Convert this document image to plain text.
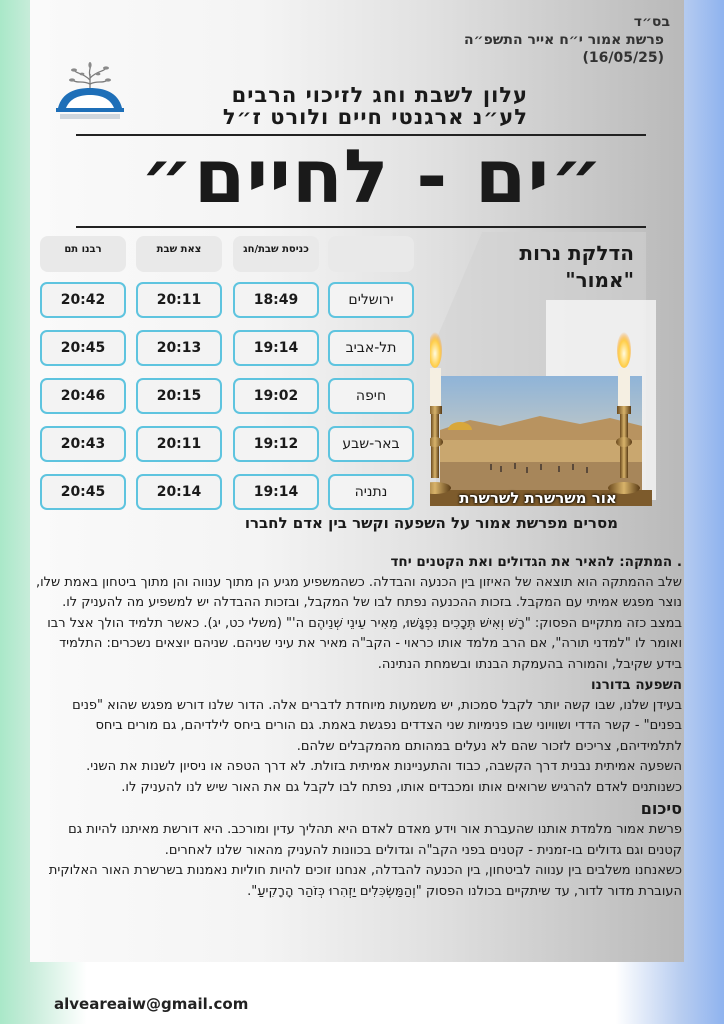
בס״ד
פרשת אמור י״ח אייר התשפ״ה
(16/05/25)
עלון לשבת וחג לזיכוי הרבים
לע״נ ארגנטי חיים ולורט ז״ל
״ים - לחיים״
כניסת שבת/חג
צאת שבת
רבנו תם
ירושלים
18:49
20:11
20:42
תל-אביב
19:14
20:13
20:45
חיפה
19:02
20:15
20:46
באר-שבע
19:12
20:11
20:43
נתניה
19:14
20:14
20:45
הדלקת נרות
"אמור"
אור משרשרת לשרשרת
מסרים מפרשת אמור על השפעה וקשר בין אדם לחברו

. המתקה: להאיר את הגדולים ואת הקטנים יחד

שלב ההמתקה הוא תוצאה של האיזון בין הכנעה והבדלה. כשהמשפיע מגיע הן מתוך ענווה והן מתוך ביטחון באמת שלו, נוצר מפגש אמיתי עם המקבל. בזכות ההכנעה נפתח לבו של המקבל, ובזכות ההבדלה יש למשפיע מה להעניק לו.

במצב כזה מתקיים הפסוק: "רָשׁ וְאִישׁ תְּכָכִים נִפְגָּשׁוּ, מֵאִיר עֵינֵי שְׁנֵיהֶם ה'" (משלי כט, יג). כאשר תלמיד הולך אצל רבו ואומר לו "למדני תורה", אם הרב מלמד אותו כראוי - הקב"ה מאיר את עיני שניהם. שניהם יוצאים נשכרים: התלמיד בידע שקיבל, והמורה בהעמקת הבנתו ובשמחת הנתינה.

השפעה בדורנו

בעידן שלנו, שבו קשה יותר לקבל סמכות, יש משמעות מיוחדת לדברים אלה. הדור שלנו דורש מפגש שהוא "פנים בפנים" - קשר הדדי ושוויוני שבו פנימיות שני הצדדים נפגשת באמת. גם הורים ביחס לילדיהם, גם מורים ביחס לתלמידיהם, צריכים לזכור שהם לא נעלים במהותם מהמקבלים שלהם.

השפעה אמיתית נבנית דרך הקשבה, כבוד והתעניינות אמיתית בזולת. לא דרך הטפה או ניסיון לשנות את השני. כשנותנים לאדם להרגיש שרואים אותו ומכבדים אותו, נפתח לבו לקבל גם את האור שיש לנו להעניק לו.

סיכום

פרשת אמור מלמדת אותנו שהעברת אור וידע מאדם לאדם היא תהליך עדין ומורכב. היא דורשת מאיתנו להיות גם קטנים וגם גדולים בו-זמנית - קטנים בפני הקב"ה וגדולים בכוונות להעניק מהאור שלנו לאחרים.

כשאנחנו משלבים בין ענווה לביטחון, בין הכנעה להבדלה, אנחנו זוכים להיות חוליות נאמנות בשרשרת האור האלוקית העוברת מדור לדור, עד שיתקיים בכולנו הפסוק "וְהַמַּשְׂכִּלִים יַזְהִרוּ כְּזֹהַר הָרָקִיעַ".

alveareaiw@gmail.com
